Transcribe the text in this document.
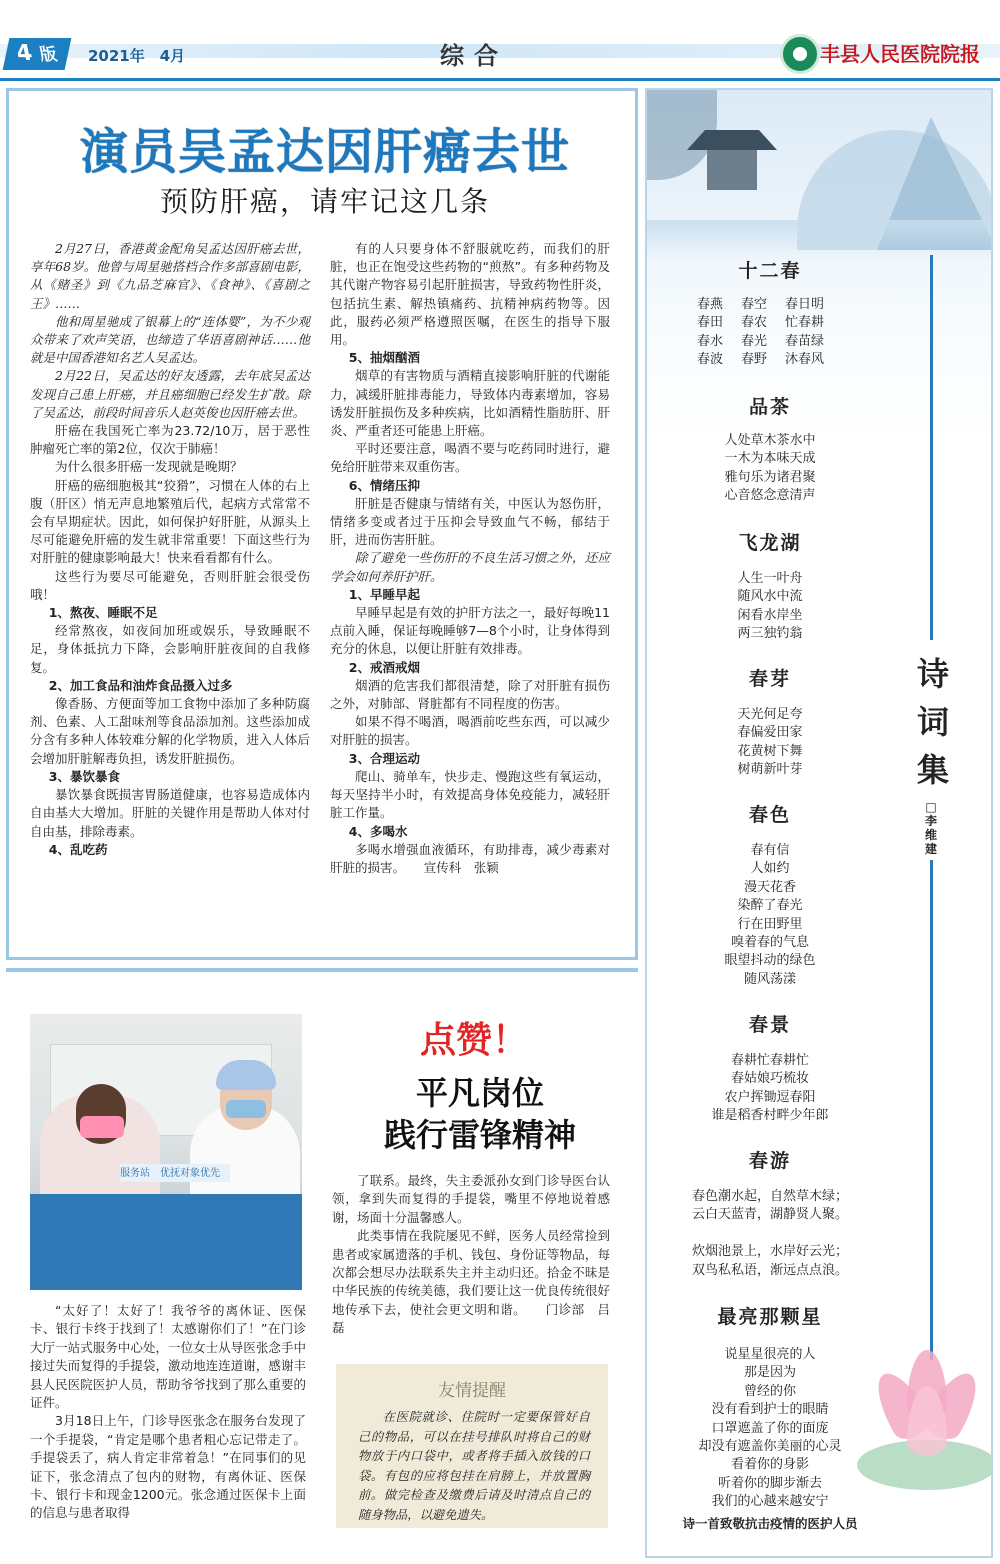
4 版	2021年　4月	综合	丰县人民医院院报
演员吴孟达因肝癌去世
预防肝癌，请牢记这几条

2月27日，香港黄金配角吴孟达因肝癌去世，享年68岁。他曾与周星驰搭档合作多部喜剧电影，从《赌圣》到《九品芝麻官》、《食神》、《喜剧之王》……

他和周星驰成了银幕上的“连体婴”，为不少观众带来了欢声笑语，也缔造了华语喜剧神话……他就是中国香港知名艺人吴孟达。

2月22日，吴孟达的好友透露，去年底吴孟达发现自己患上肝癌，并且癌细胞已经发生扩散。除了吴孟达，前段时间音乐人赵英俊也因肝癌去世。

肝癌在我国死亡率为23.72/10万，居于恶性肿瘤死亡率的第2位，仅次于肺癌！

为什么很多肝癌一发现就是晚期？

肝癌的癌细胞极其“狡猾”，习惯在人体的右上腹（肝区）悄无声息地繁殖后代，起病方式常常不会有早期症状。因此，如何保护好肝脏，从源头上尽可能避免肝癌的发生就非常重要！下面这些行为对肝脏的健康影响最大！快来看看都有什么。

这些行为要尽可能避免，否则肝脏会很受伤哦！

1、熬夜、睡眠不足

经常熬夜，如夜间加班或娱乐，导致睡眠不足，身体抵抗力下降，会影响肝脏夜间的自我修复。

2、加工食品和油炸食品摄入过多

像香肠、方便面等加工食物中添加了多种防腐剂、色素、人工甜味剂等食品添加剂。这些添加成分含有多种人体较难分解的化学物质，进入人体后会增加肝脏解毒负担，诱发肝脏损伤。

3、暴饮暴食

暴饮暴食既损害胃肠道健康，也容易造成体内自由基大大增加。肝脏的关键作用是帮助人体对付自由基，排除毒素。

4、乱吃药

有的人只要身体不舒服就吃药，而我们的肝脏，也正在饱受这些药物的“煎熬”。有多种药物及其代谢产物容易引起肝脏损害，导致药物性肝炎，包括抗生素、解热镇痛药、抗精神病药物等。因此，服药必须严格遵照医嘱，在医生的指导下服用。

5、抽烟酗酒

烟草的有害物质与酒精直接影响肝脏的代谢能力，减缓肝脏排毒能力，导致体内毒素增加，容易诱发肝脏损伤及多种疾病，比如酒精性脂肪肝、肝炎、严重者还可能患上肝癌。

平时还要注意，喝酒不要与吃药同时进行，避免给肝脏带来双重伤害。

6、情绪压抑

肝脏是否健康与情绪有关，中医认为怒伤肝，情绪多变或者过于压抑会导致血气不畅，郁结于肝，进而伤害肝脏。

除了避免一些伤肝的不良生活习惯之外，还应学会如何养肝护肝。

1、早睡早起

早睡早起是有效的护肝方法之一，最好每晚11点前入睡，保证每晚睡够7—8个小时，让身体得到充分的休息，以便让肝脏有效排毒。

2、戒酒戒烟

烟酒的危害我们都很清楚，除了对肝脏有损伤之外，对肺部、肾脏都有不同程度的伤害。

如果不得不喝酒，喝酒前吃些东西，可以减少对肝脏的损害。

3、合理运动

爬山、骑单车，快步走、慢跑这些有氧运动，每天坚持半小时，有效提高身体免疫能力，减轻肝脏工作量。

4、多喝水

多喝水增强血液循环，有助排毒，减少毒素对肝脏的损害。　　宣传科　张颖

服务站　优抚对象优先
点赞！
平凡岗位
践行雷锋精神

“太好了！太好了！我爷爷的离休证、医保卡、银行卡终于找到了！太感谢你们了！”在门诊大厅一站式服务中心处，一位女士从导医张念手中接过失而复得的手提袋，激动地连连道谢，感谢丰县人民医院医护人员，帮助爷爷找到了那么重要的证件。

3月18日上午，门诊导医张念在服务台发现了一个手提袋，“肯定是哪个患者粗心忘记带走了。手提袋丢了，病人肯定非常着急！”在同事们的见证下，张念清点了包内的财物，有离休证、医保卡、银行卡和现金1200元。张念通过医保卡上面的信息与患者取得

了联系。最终，失主委派孙女到门诊导医台认领，拿到失而复得的手提袋，嘴里不停地说着感谢，场面十分温馨感人。

此类事情在我院屡见不鲜，医务人员经常捡到患者或家属遗落的手机、钱包、身份证等物品，每次都会想尽办法联系失主并主动归还。拾金不昧是中华民族的传统美德，我们要让这一优良传统很好地传承下去，使社会更文明和谐。　　门诊部　吕磊

友情提醒
在医院就诊、住院时一定要保管好自己的物品，可以在挂号排队时将自己的财物放于内口袋中，或者将手插入放钱的口袋。有包的应将包挂在肩膀上，并放置胸前。做完检查及缴费后请及时清点自己的随身物品，以避免遗失。
诗词集
□李维建
十二春
春燕 春空 春日明
春田 春农 忙春耕
春水 春光 春苗绿
春波 春野 沐春风
品茶
人处草木茶水中
一木为本味天成
雅句乐为诸君聚
心音悠念意清声
飞龙湖
人生一叶舟
随风水中流
闲看水岸坐
两三独钓翁
春芽
天光何足夸
春偏爱田家
花黄树下舞
树萌新叶芽
春色
春有信
人如约
漫天花香
染醉了春光
行在田野里
嗅着春的气息
眼望抖动的绿色
随风荡漾
春景
春耕忙春耕忙
春姑娘巧梳妆
农户挥锄逗春阳
谁是稻香村畔少年郎
春游
春色潮水起，自然草木绿；
云白天蓝青，湖静贤人聚。

炊烟池景上，水岸好云光；
双鸟私私语，渐远点点浪。
最亮那颗星
说星星很亮的人
那是因为
曾经的你
没有看到护士的眼睛
口罩遮盖了你的面庞
却没有遮盖你美丽的心灵
看着你的身影
听着你的脚步渐去
我们的心越来越安宁
诗一首致敬抗击疫情的医护人员
